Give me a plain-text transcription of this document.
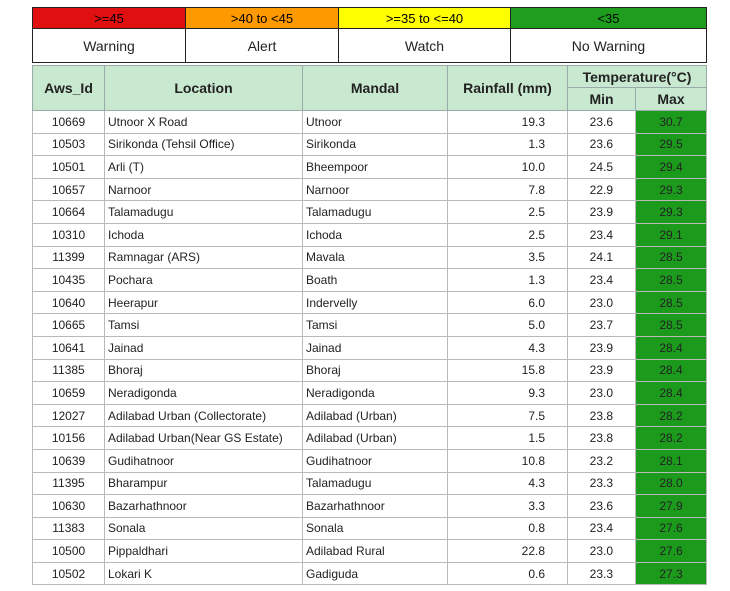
>=45	>40 to <45	>=35 to <=40	<35
Warning	Alert	Watch	No Warning
Aws_Id	Location	Mandal	Rainfall (mm)	Temperature(°C)	
				Min	Max
10669	Utnoor X Road	Utnoor	19.3	23.6	30.7
10503	Sirikonda (Tehsil Office)	Sirikonda	1.3	23.6	29.5
10501	Arli (T)	Bheempoor	10.0	24.5	29.4
10657	Narnoor	Narnoor	7.8	22.9	29.3
10664	Talamadugu	Talamadugu	2.5	23.9	29.3
10310	Ichoda	Ichoda	2.5	23.4	29.1
11399	Ramnagar (ARS)	Mavala	3.5	24.1	28.5
10435	Pochara	Boath	1.3	23.4	28.5
10640	Heerapur	Indervelly	6.0	23.0	28.5
10665	Tamsi	Tamsi	5.0	23.7	28.5
10641	Jainad	Jainad	4.3	23.9	28.4
11385	Bhoraj	Bhoraj	15.8	23.9	28.4
10659	Neradigonda	Neradigonda	9.3	23.0	28.4
12027	Adilabad Urban (Collectorate)	Adilabad (Urban)	7.5	23.8	28.2
10156	Adilabad Urban(Near GS Estate)	Adilabad (Urban)	1.5	23.8	28.2
10639	Gudihatnoor	Gudihatnoor	10.8	23.2	28.1
11395	Bharampur	Talamadugu	4.3	23.3	28.0
10630	Bazarhathnoor	Bazarhathnoor	3.3	23.6	27.9
11383	Sonala	Sonala	0.8	23.4	27.6
10500	Pippaldhari	Adilabad Rural	22.8	23.0	27.6
10502	Lokari K	Gadiguda	0.6	23.3	27.3
